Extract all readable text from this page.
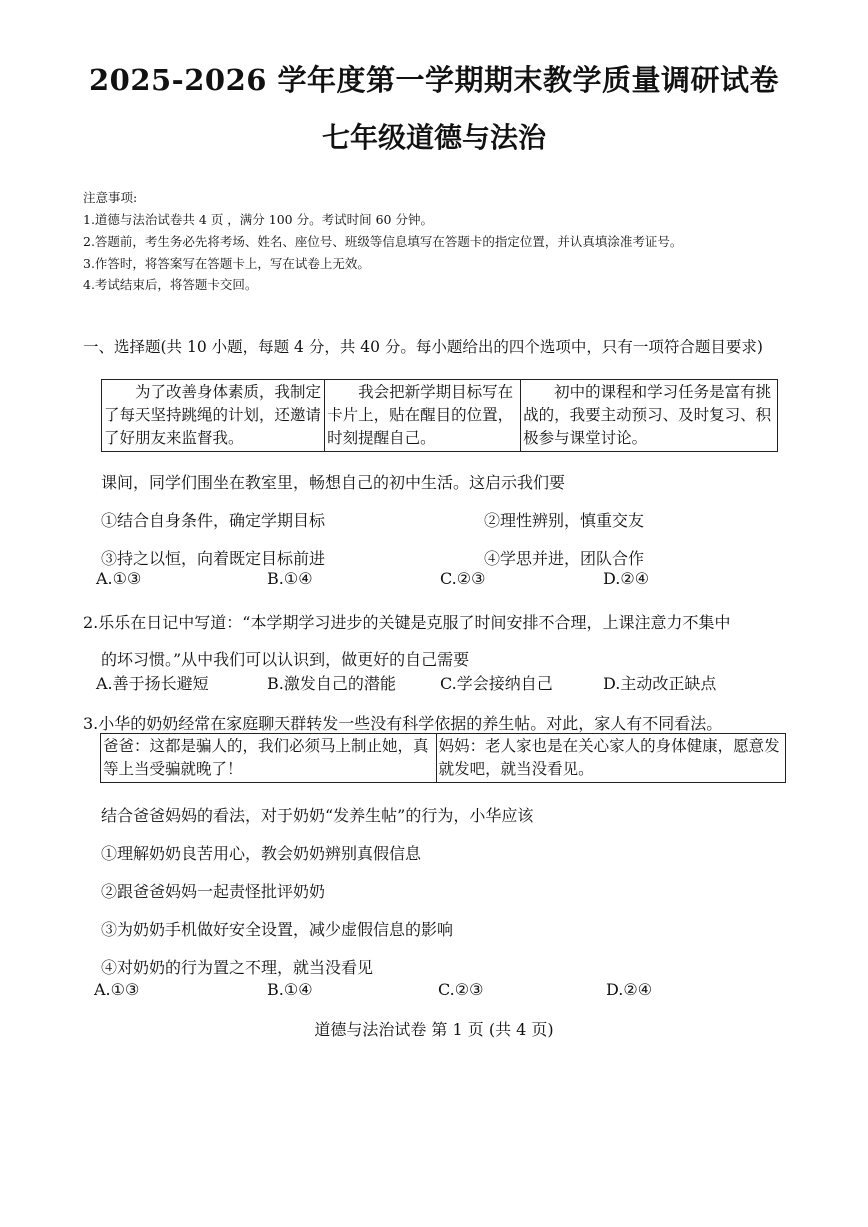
2025-2026 学年度第一学期期末教学质量调研试卷
七年级道德与法治
注意事项:
1.道德与法治试卷共 4 页 ，满分 100 分。考试时间 60 分钟。
2.答题前，考生务必先将考场、姓名、座位号、班级等信息填写在答题卡的指定位置，并认真填涂准考证号。
3.作答时，将答案写在答题卡上，写在试卷上无效。
4.考试结束后，将答题卡交回。
一、选择题(共 10 小题，每题 4 分，共 40 分。每小题给出的四个选项中，只有一项符合题目要求)
　　为了改善身体素质，我制定了每天坚持跳绳的计划，还邀请了好朋友来监督我。	　　我会把新学期目标写在卡片上，贴在醒目的位置，时刻提醒自己。	　　初中的课程和学习任务是富有挑战的，我要主动预习、及时复习、积极参与课堂讨论。
课间，同学们围坐在教室里，畅想自己的初中生活。这启示我们要
①结合自身条件，确定学期目标	②理性辨别，慎重交友
③持之以恒，向着既定目标前进	④学思并进，团队合作
A.①③	B.①④	C.②③	D.②④
2.乐乐在日记中写道：“本学期学习进步的关键是克服了时间安排不合理，上课注意力不集中
的坏习惯。”从中我们可以认识到，做更好的自己需要
A.善于扬长避短	B.激发自己的潜能	C.学会接纳自己	D.主动改正缺点
3.小华的奶奶经常在家庭聊天群转发一些没有科学依据的养生帖。对此，家人有不同看法。
爸爸：这都是骗人的，我们必须马上制止她，真等上当受骗就晚了！	妈妈：老人家也是在关心家人的身体健康，愿意发就发吧，就当没看见。
结合爸爸妈妈的看法，对于奶奶“发养生帖”的行为，小华应该
①理解奶奶良苦用心，教会奶奶辨别真假信息
②跟爸爸妈妈一起责怪批评奶奶
③为奶奶手机做好安全设置，减少虚假信息的影响
④对奶奶的行为置之不理，就当没看见
A.①③	B.①④	C.②③	D.②④
道德与法治试卷 第 1 页 (共 4 页)
